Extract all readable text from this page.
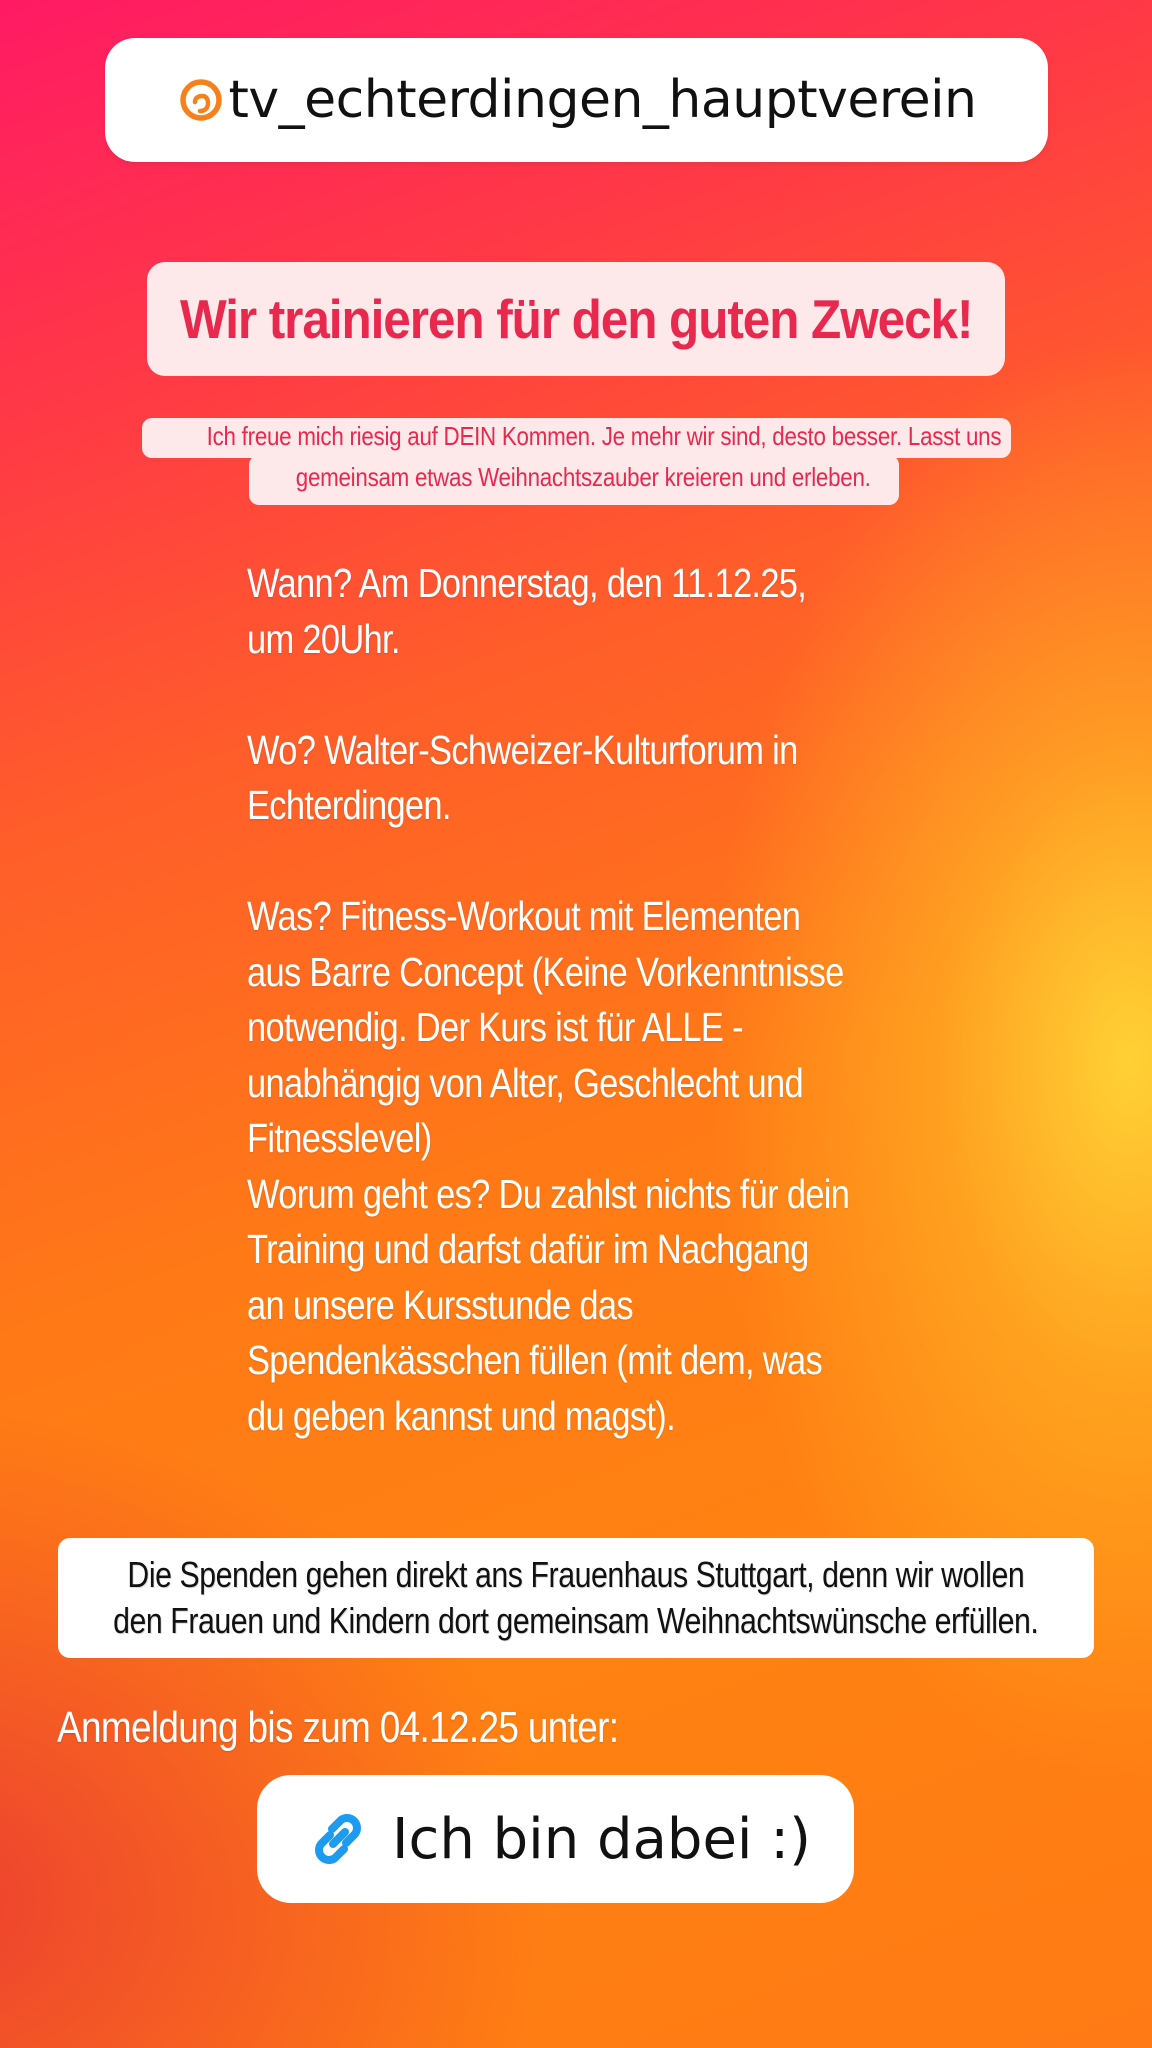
tv_echterdingen_hauptverein
Wir trainieren für den guten Zweck!
Ich freue mich riesig auf DEIN Kommen. Je mehr wir sind, desto besser. Lasst uns
gemeinsam etwas Weihnachtszauber kreieren und erleben.
Wann? Am Donnerstag, den 11.12.25,
um 20Uhr.
Wo? Walter-Schweizer-Kulturforum in
Echterdingen.
Was? Fitness-Workout mit Elementen
aus Barre Concept (Keine Vorkenntnisse
notwendig. Der Kurs ist für ALLE -
unabhängig von Alter, Geschlecht und
Fitnesslevel)
Worum geht es? Du zahlst nichts für dein
Training und darfst dafür im Nachgang
an unsere Kursstunde das
Spendenkässchen füllen (mit dem, was
du geben kannst und magst).
Die Spenden gehen direkt ans Frauenhaus Stuttgart, denn wir wollen
den Frauen und Kindern dort gemeinsam Weihnachtswünsche erfüllen.
Anmeldung bis zum 04.12.25 unter:
Ich bin dabei :)
